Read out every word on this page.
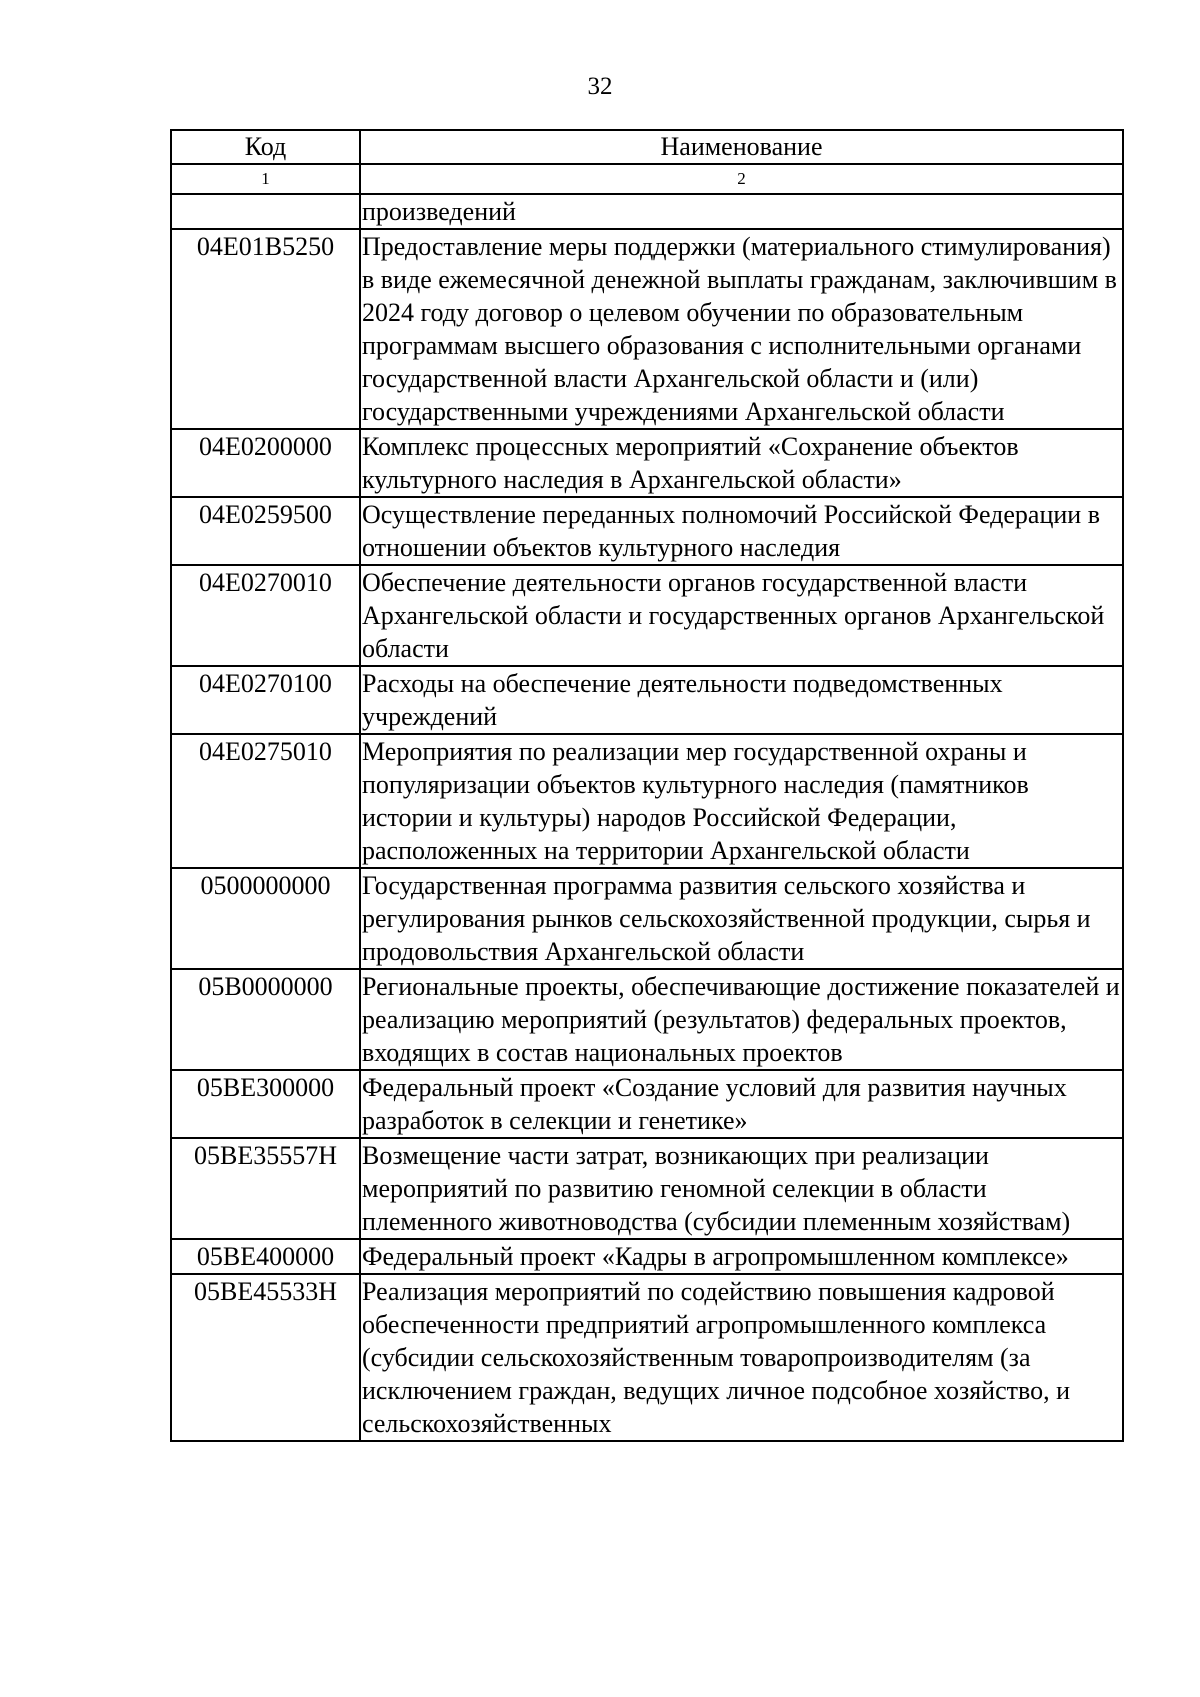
32
Код	Наименование
1	2
	произведений
04E01B5250	Предоставление меры поддержки (материального стимулирования) в виде ежемесячной денежной выплаты гражданам, заключившим в 2024 году договор о целевом обучении по образовательным программам высшего образования с исполнительными органами государственной власти Архангельской области и (или) государственными учреждениями Архангельской области
04E0200000	Комплекс процессных мероприятий «Сохранение объектов культурного наследия в Архангельской области»
04E0259500	Осуществление переданных полномочий Российской Федерации в отношении объектов культурного наследия
04E0270010	Обеспечение деятельности органов государственной власти Архангельской области и государственных органов Архангельской области
04E0270100	Расходы на обеспечение деятельности подведомственных учреждений
04E0275010	Мероприятия по реализации мер государственной охраны и популяризации объектов культурного наследия (памятников истории и культуры) народов Российской Федерации, расположенных на территории Архангельской области
0500000000	Государственная программа развития сельского хозяйства и регулирования рынков сельскохозяйственной продукции, сырья и продовольствия Архангельской области
05B0000000	Региональные проекты, обеспечивающие достижение показателей и реализацию мероприятий (результатов) федеральных проектов, входящих в состав национальных проектов
05BE300000	Федеральный проект «Создание условий для развития научных разработок в селекции и генетике»
05BE35557H	Возмещение части затрат, возникающих при реализации мероприятий по развитию геномной селекции в области племенного животноводства (субсидии племенным хозяйствам)
05BE400000	Федеральный проект «Кадры в агропромышленном комплексе»
05BE45533H	Реализация мероприятий по содействию повышения кадровой обеспеченности предприятий агропромышленного комплекса (субсидии сельскохозяйственным товаропроизводителям (за исключением граждан, ведущих личное подсобное хозяйство, и сельскохозяйственных
